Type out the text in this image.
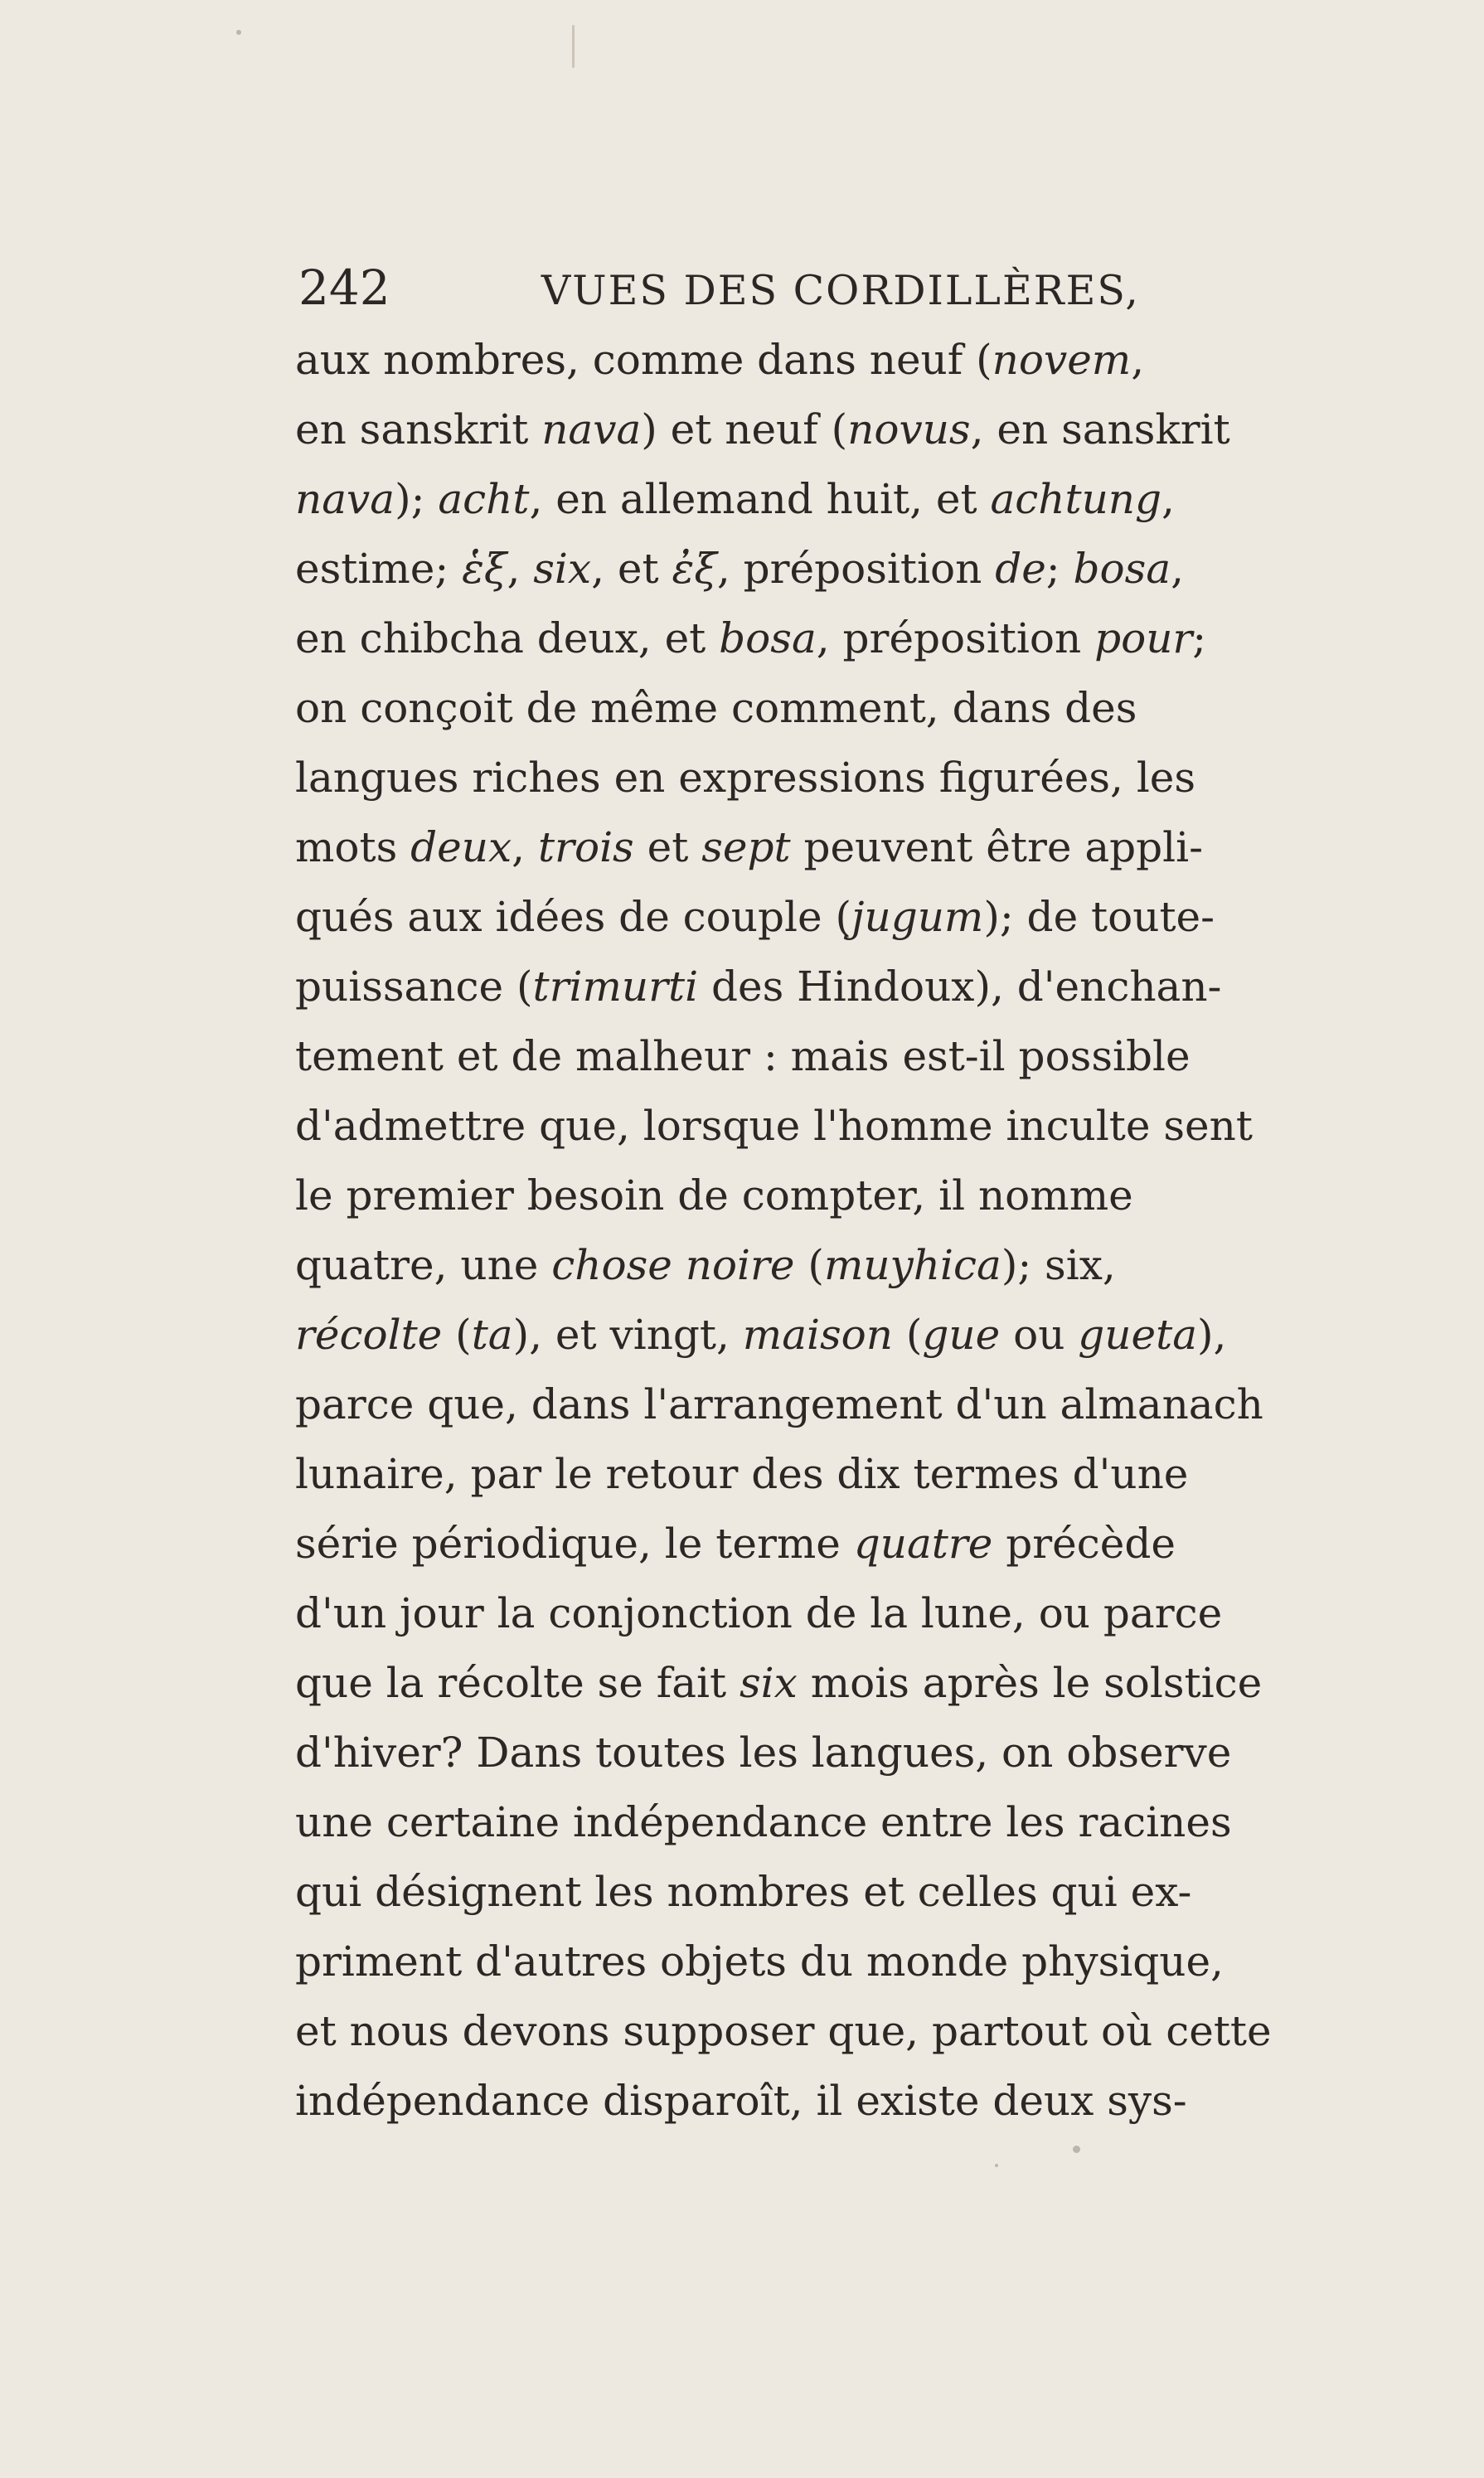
242	VUES DES CORDILLÈRES,
aux nombres, comme dans neuf (novem,
en sanskrit nava) et neuf (novus, en sanskrit
nava); acht, en allemand huit, et achtung,
estime; ἑξ, six, et ἐξ, préposition de; bosa,
en chibcha deux, et bosa, préposition pour;
on conçoit de même comment, dans des
langues riches en expressions figurées, les
mots deux, trois et sept peuvent être appli-
qués aux idées de couple (jugum); de toute-
puissance (trimurti des Hindoux), d'enchan-
tement et de malheur : mais est-il possible
d'admettre que, lorsque l'homme inculte sent
le premier besoin de compter, il nomme
quatre, une chose noire (muyhica); six,
récolte (ta), et vingt, maison (gue ou gueta),
parce que, dans l'arrangement d'un almanach
lunaire, par le retour des dix termes d'une
série périodique, le terme quatre précède
d'un jour la conjonction de la lune, ou parce
que la récolte se fait six mois après le solstice
d'hiver? Dans toutes les langues, on observe
une certaine indépendance entre les racines
qui désignent les nombres et celles qui ex-
priment d'autres objets du monde physique,
et nous devons supposer que, partout où cette
indépendance disparoît, il existe deux sys-
